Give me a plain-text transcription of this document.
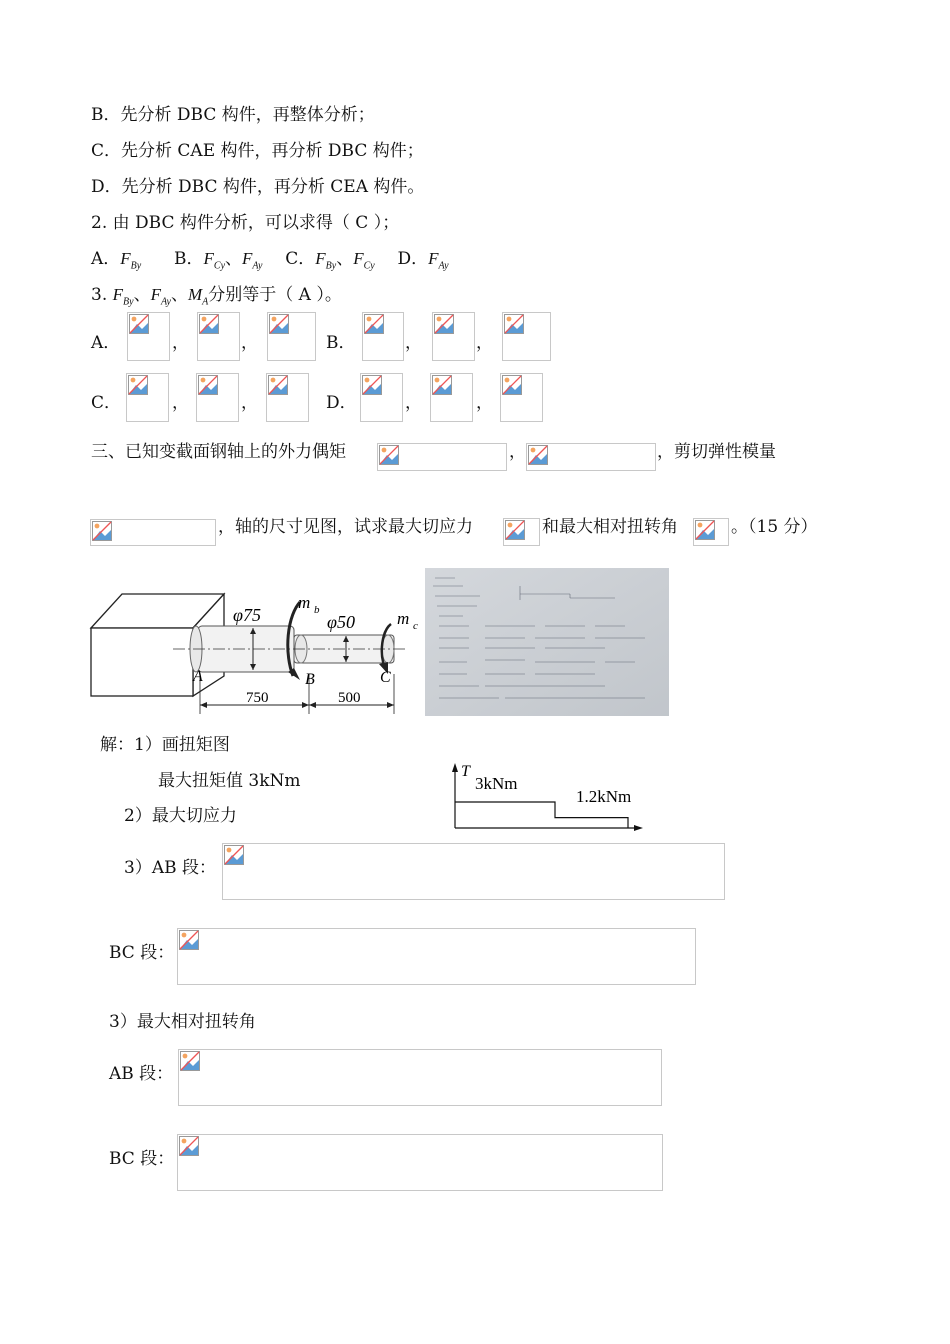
B．先分析 DBC 构件，再整体分析；
C．先分析 CAE 构件，再分析 DBC 构件；
D．先分析 DBC 构件，再分析 CEA 构件。
2. 由 DBC 构件分析，可以求得（ C ）；
A．$F_{By}$ B．$F_{Cy}$、$F_{Ay}$ C．$F_{By}$、$F_{Cy}$ D．$F_{Ay}$
3. $F_{By}$、$F_{Ay}$、$M_A$分别等于（ A ）。
A．	B．
C．	D．
，	，	，	，
，	，	，	，
三、已知变截面钢轴上的外力偶矩	，	，剪切弹性模量
，轴的尺寸见图，试求最大切应力	和最大相对扭转角	。（15 分）
φ75	φ50
m b	m c
A	B	C
750	500
解：1）画扭矩图
最大扭矩值 3kNm
2）最大切应力
T
3kNm
1.2kNm
3）AB 段：
BC 段：
3）最大相对扭转角
AB 段：
BC 段：
